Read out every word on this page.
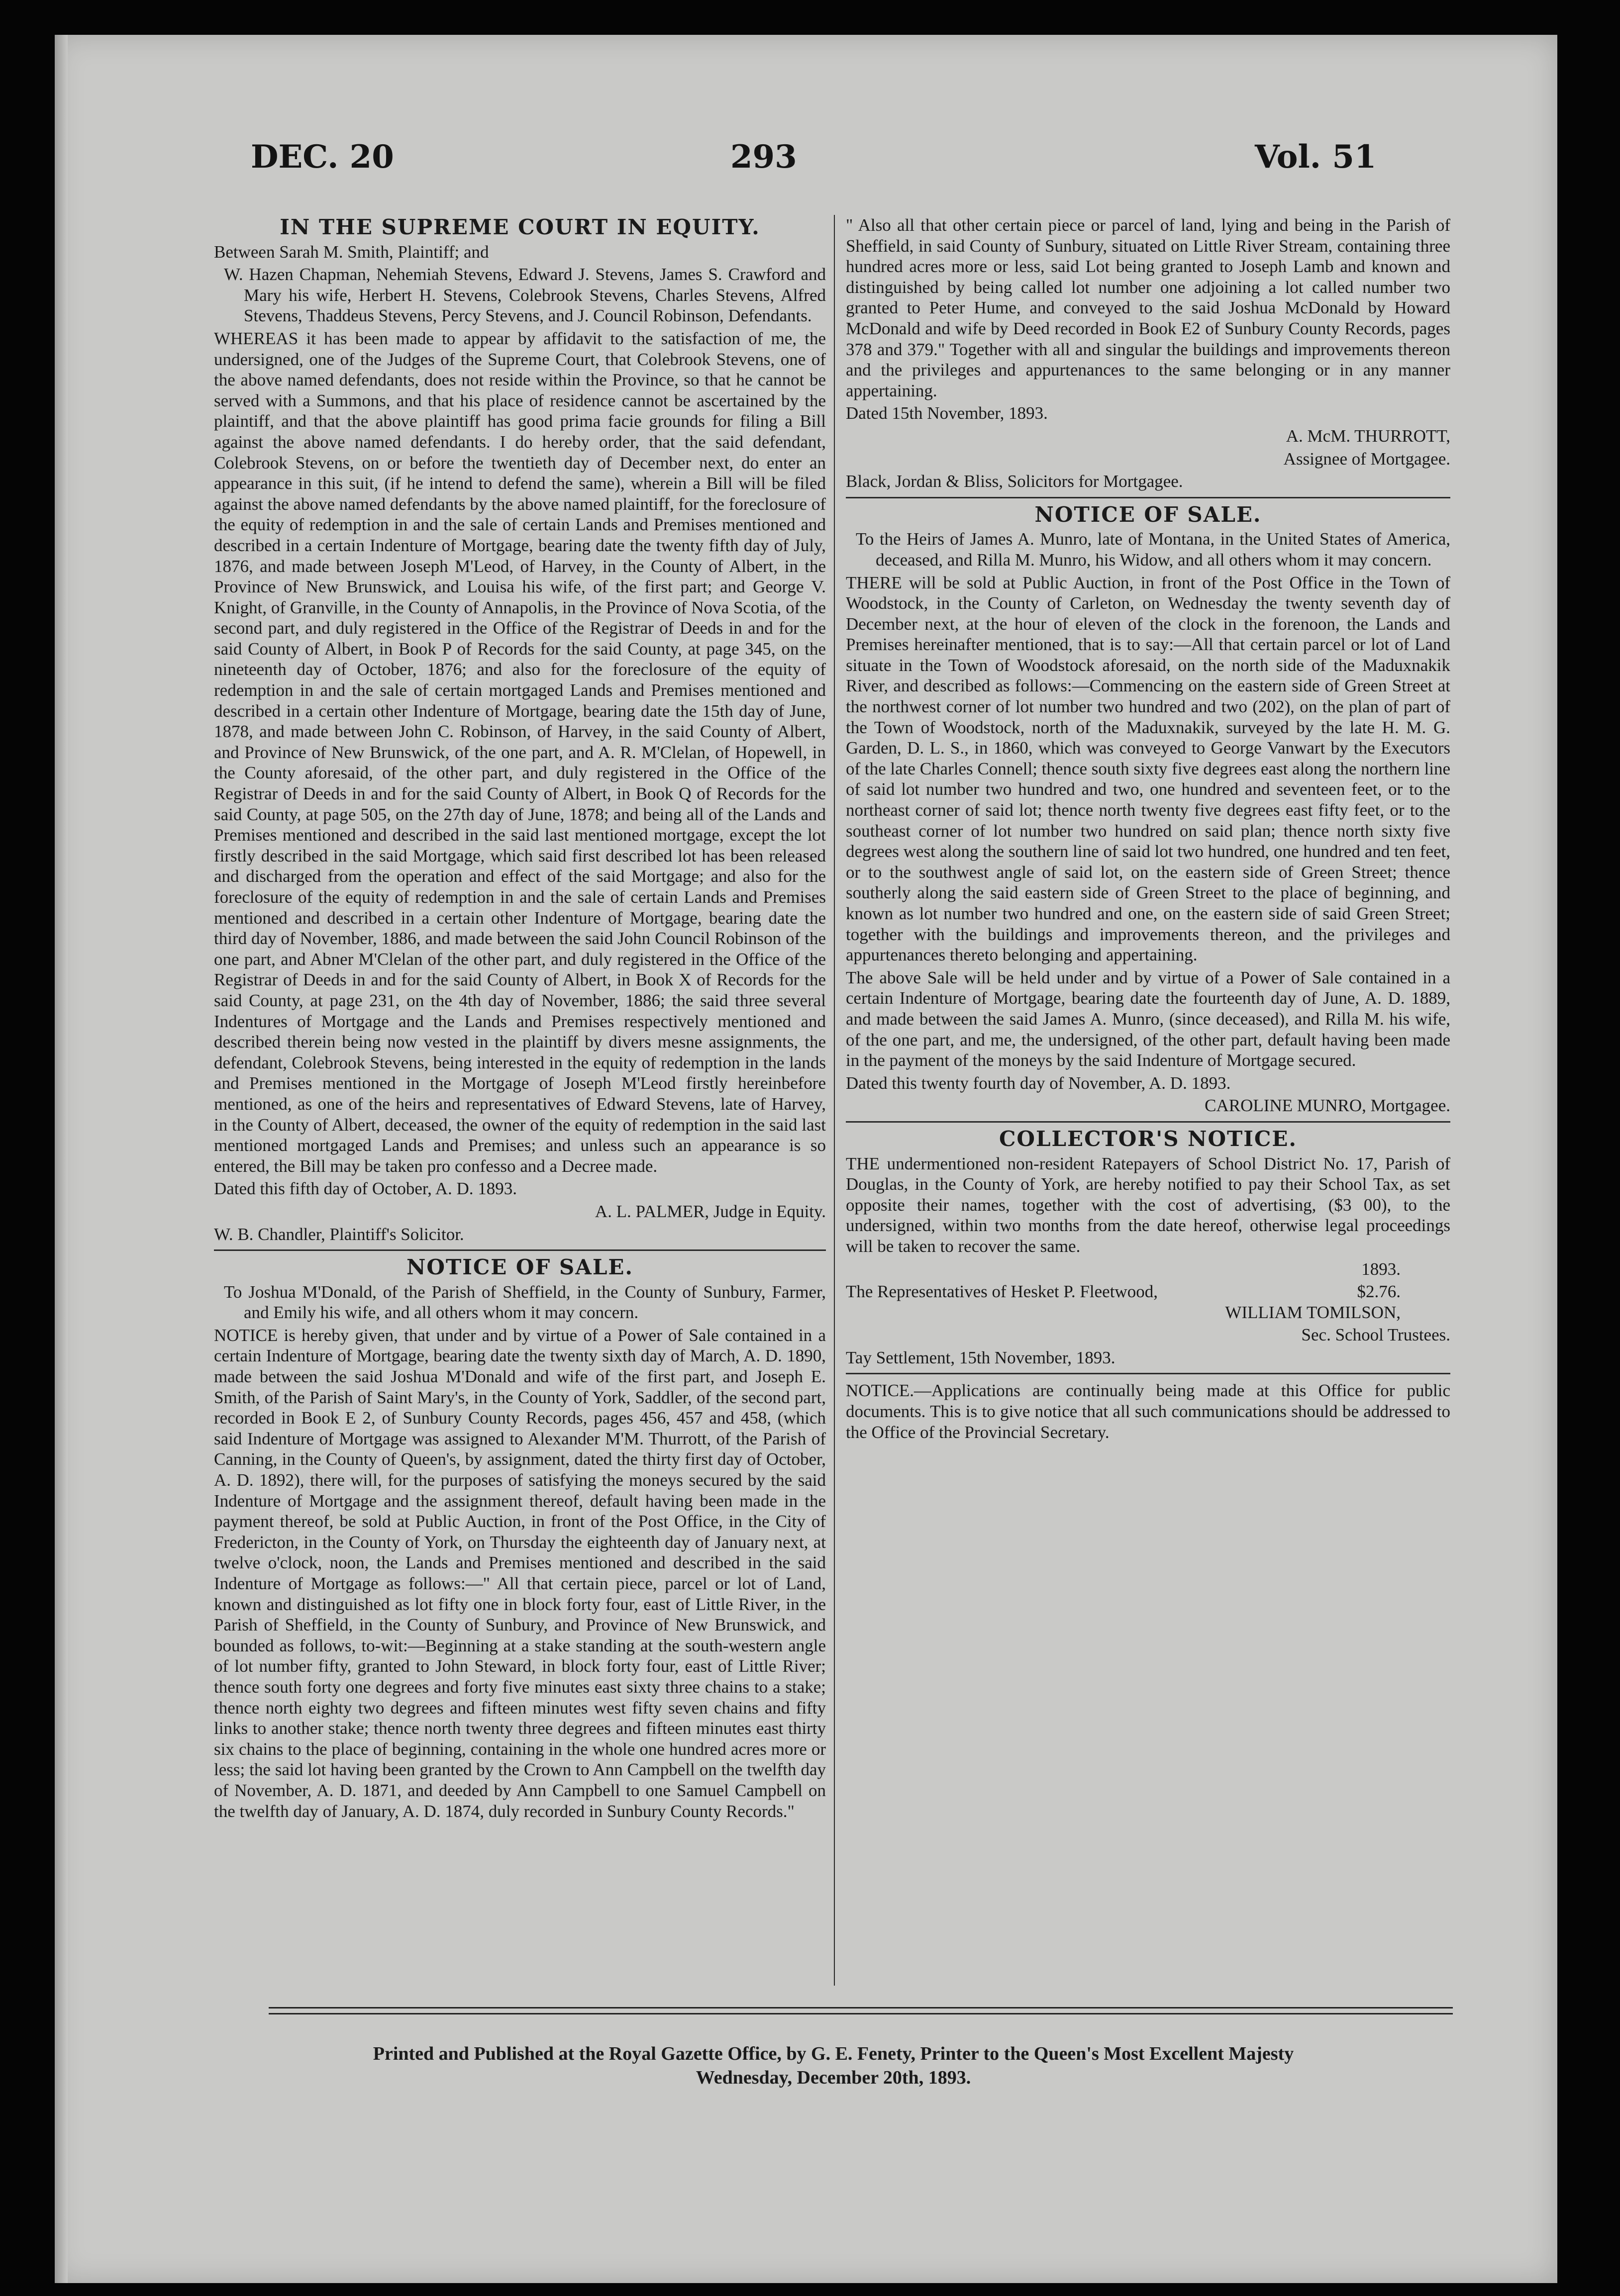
DEC. 20	293	Vol. 51

IN THE SUPREME COURT IN EQUITY.

Between Sarah M. Smith, Plaintiff; and

W. Hazen Chapman, Nehemiah Stevens, Edward J. Stevens, James S. Crawford and Mary his wife, Herbert H. Stevens, Colebrook Stevens, Charles Stevens, Alfred Stevens, Thaddeus Stevens, Percy Stevens, and J. Council Robinson, Defendants.

WHEREAS it has been made to appear by affidavit to the satisfaction of me, the undersigned, one of the Judges of the Supreme Court, that Colebrook Stevens, one of the above named defendants, does not reside within the Province, so that he cannot be served with a Summons, and that his place of residence cannot be ascertained by the plaintiff, and that the above plaintiff has good prima facie grounds for filing a Bill against the above named defendants. I do hereby order, that the said defendant, Colebrook Stevens, on or before the twentieth day of December next, do enter an appearance in this suit, (if he intend to defend the same), wherein a Bill will be filed against the above named defendants by the above named plaintiff, for the foreclosure of the equity of redemption in and the sale of certain Lands and Premises mentioned and described in a certain Indenture of Mortgage, bearing date the twenty fifth day of July, 1876, and made between Joseph M'Leod, of Harvey, in the County of Albert, in the Province of New Brunswick, and Louisa his wife, of the first part; and George V. Knight, of Granville, in the County of Annapolis, in the Province of Nova Scotia, of the second part, and duly registered in the Office of the Registrar of Deeds in and for the said County of Albert, in Book P of Records for the said County, at page 345, on the nineteenth day of October, 1876; and also for the foreclosure of the equity of redemption in and the sale of certain mortgaged Lands and Premises mentioned and described in a certain other Indenture of Mortgage, bearing date the 15th day of June, 1878, and made between John C. Robinson, of Harvey, in the said County of Albert, and Province of New Brunswick, of the one part, and A. R. M'Clelan, of Hopewell, in the County aforesaid, of the other part, and duly registered in the Office of the Registrar of Deeds in and for the said County of Albert, in Book Q of Records for the said County, at page 505, on the 27th day of June, 1878; and being all of the Lands and Premises mentioned and described in the said last mentioned mortgage, except the lot firstly described in the said Mortgage, which said first described lot has been released and discharged from the operation and effect of the said Mortgage; and also for the foreclosure of the equity of redemption in and the sale of certain Lands and Premises mentioned and described in a certain other Indenture of Mortgage, bearing date the third day of November, 1886, and made between the said John Council Robinson of the one part, and Abner M'Clelan of the other part, and duly registered in the Office of the Registrar of Deeds in and for the said County of Albert, in Book X of Records for the said County, at page 231, on the 4th day of November, 1886; the said three several Indentures of Mortgage and the Lands and Premises respectively mentioned and described therein being now vested in the plaintiff by divers mesne assignments, the defendant, Colebrook Stevens, being interested in the equity of redemption in the lands and Premises mentioned in the Mortgage of Joseph M'Leod firstly hereinbefore mentioned, as one of the heirs and representatives of Edward Stevens, late of Harvey, in the County of Albert, deceased, the owner of the equity of redemption in the said last mentioned mortgaged Lands and Premises; and unless such an appearance is so entered, the Bill may be taken pro confesso and a Decree made.

Dated this fifth day of October, A. D. 1893.

A. L. PALMER, Judge in Equity.

W. B. Chandler, Plaintiff's Solicitor.

NOTICE OF SALE.

To Joshua M'Donald, of the Parish of Sheffield, in the County of Sunbury, Farmer, and Emily his wife, and all others whom it may concern.

NOTICE is hereby given, that under and by virtue of a Power of Sale contained in a certain Indenture of Mortgage, bearing date the twenty sixth day of March, A. D. 1890, made between the said Joshua M'Donald and wife of the first part, and Joseph E. Smith, of the Parish of Saint Mary's, in the County of York, Saddler, of the second part, recorded in Book E 2, of Sunbury County Records, pages 456, 457 and 458, (which said Indenture of Mortgage was assigned to Alexander M'M. Thurrott, of the Parish of Canning, in the County of Queen's, by assignment, dated the thirty first day of October, A. D. 1892), there will, for the purposes of satisfying the moneys secured by the said Indenture of Mortgage and the assignment thereof, default having been made in the payment thereof, be sold at Public Auction, in front of the Post Office, in the City of Fredericton, in the County of York, on Thursday the eighteenth day of January next, at twelve o'clock, noon, the Lands and Premises mentioned and described in the said Indenture of Mortgage as follows:—" All that certain piece, parcel or lot of Land, known and distinguished as lot fifty one in block forty four, east of Little River, in the Parish of Sheffield, in the County of Sunbury, and Province of New Brunswick, and bounded as follows, to-wit:—Beginning at a stake standing at the south-western angle of lot number fifty, granted to John Steward, in block forty four, east of Little River; thence south forty one degrees and forty five minutes east sixty three chains to a stake; thence north eighty two degrees and fifteen minutes west fifty seven chains and fifty links to another stake; thence north twenty three degrees and fifteen minutes east thirty six chains to the place of beginning, containing in the whole one hundred acres more or less; the said lot having been granted by the Crown to Ann Campbell on the twelfth day of November, A. D. 1871, and deeded by Ann Campbell to one Samuel Campbell on the twelfth day of January, A. D. 1874, duly recorded in Sunbury County Records."

" Also all that other certain piece or parcel of land, lying and being in the Parish of Sheffield, in said County of Sunbury, situated on Little River Stream, containing three hundred acres more or less, said Lot being granted to Joseph Lamb and known and distinguished by being called lot number one adjoining a lot called number two granted to Peter Hume, and conveyed to the said Joshua McDonald by Howard McDonald and wife by Deed recorded in Book E2 of Sunbury County Records, pages 378 and 379." Together with all and singular the buildings and improvements thereon and the privileges and appurtenances to the same belonging or in any manner appertaining.

Dated 15th November, 1893.

A. McM. THURROTT,

Assignee of Mortgagee.

Black, Jordan & Bliss, Solicitors for Mortgagee.

NOTICE OF SALE.

To the Heirs of James A. Munro, late of Montana, in the United States of America, deceased, and Rilla M. Munro, his Widow, and all others whom it may concern.

THERE will be sold at Public Auction, in front of the Post Office in the Town of Woodstock, in the County of Carleton, on Wednesday the twenty seventh day of December next, at the hour of eleven of the clock in the forenoon, the Lands and Premises hereinafter mentioned, that is to say:—All that certain parcel or lot of Land situate in the Town of Woodstock aforesaid, on the north side of the Maduxnakik River, and described as follows:—Commencing on the eastern side of Green Street at the northwest corner of lot number two hundred and two (202), on the plan of part of the Town of Woodstock, north of the Maduxnakik, surveyed by the late H. M. G. Garden, D. L. S., in 1860, which was conveyed to George Vanwart by the Executors of the late Charles Connell; thence south sixty five degrees east along the northern line of said lot number two hundred and two, one hundred and seventeen feet, or to the northeast corner of said lot; thence north twenty five degrees east fifty feet, or to the southeast corner of lot number two hundred on said plan; thence north sixty five degrees west along the southern line of said lot two hundred, one hundred and ten feet, or to the southwest angle of said lot, on the eastern side of Green Street; thence southerly along the said eastern side of Green Street to the place of beginning, and known as lot number two hundred and one, on the eastern side of said Green Street; together with the buildings and improvements thereon, and the privileges and appurtenances thereto belonging and appertaining.

The above Sale will be held under and by virtue of a Power of Sale contained in a certain Indenture of Mortgage, bearing date the fourteenth day of June, A. D. 1889, and made between the said James A. Munro, (since deceased), and Rilla M. his wife, of the one part, and me, the undersigned, of the other part, default having been made in the payment of the moneys by the said Indenture of Mortgage secured.

Dated this twenty fourth day of November, A. D. 1893.

CAROLINE MUNRO, Mortgagee.

COLLECTOR'S NOTICE.

THE undermentioned non-resident Ratepayers of School District No. 17, Parish of Douglas, in the County of York, are hereby notified to pay their School Tax, as set opposite their names, together with the cost of advertising, ($3 00), to the undersigned, within two months from the date hereof, otherwise legal proceedings will be taken to recover the same.

1893.

The Representatives of Hesket P. Fleetwood,	$2.76.

WILLIAM TOMILSON,

Sec. School Trustees.

Tay Settlement, 15th November, 1893.

NOTICE.—Applications are continually being made at this Office for public documents. This is to give notice that all such communications should be addressed to the Office of the Provincial Secretary.

Printed and Published at the Royal Gazette Office, by G. E. Fenety, Printer to the Queen's Most Excellent Majesty
Wednesday, December 20th, 1893.
